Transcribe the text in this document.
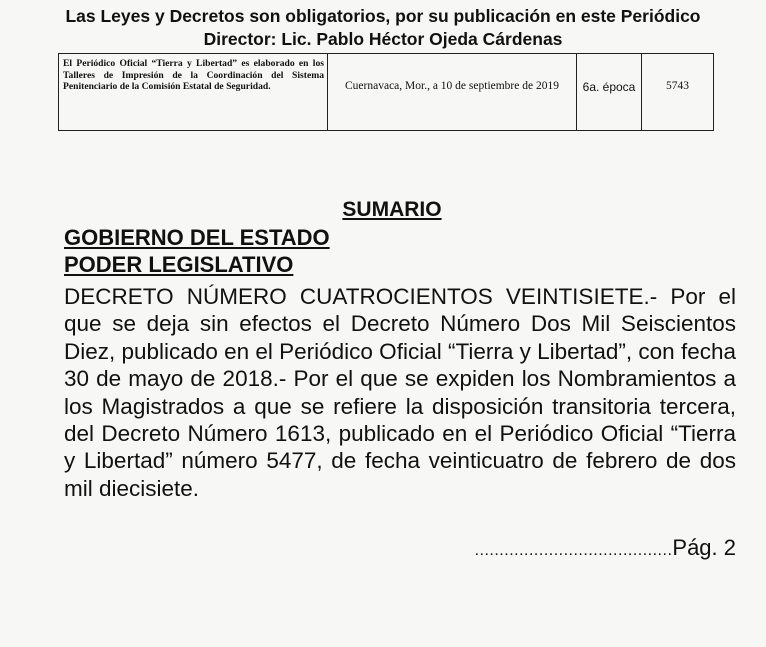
Las Leyes y Decretos son obligatorios, por su publicación en este Periódico
Director: Lic. Pablo Héctor Ojeda Cárdenas
El Periódico Oficial “Tierra y Libertad” es elaborado en los Talleres de Impresión de la Coordinación del Sistema Penitenciario de la Comisión Estatal de Seguridad.	Cuernavaca, Mor., a 10 de septiembre de 2019	6a. época	5743
SUMARIO
GOBIERNO DEL ESTADO
PODER LEGISLATIVO
DECRETO NÚMERO CUATROCIENTOS VEINTISIETE.- Por el que se deja sin efectos el Decreto Número Dos Mil Seiscientos Diez, publicado en el Periódico Oficial “Tierra y Libertad”, con fecha 30 de mayo de 2018.- Por el que se expiden los Nombramientos a los Magistrados a que se refiere la disposición transitoria tercera, del Decreto Número 1613, publicado en el Periódico Oficial “Tierra y Libertad” número 5477, de fecha veinticuatro de febrero de dos mil diecisiete.
........................................Pág. 2
